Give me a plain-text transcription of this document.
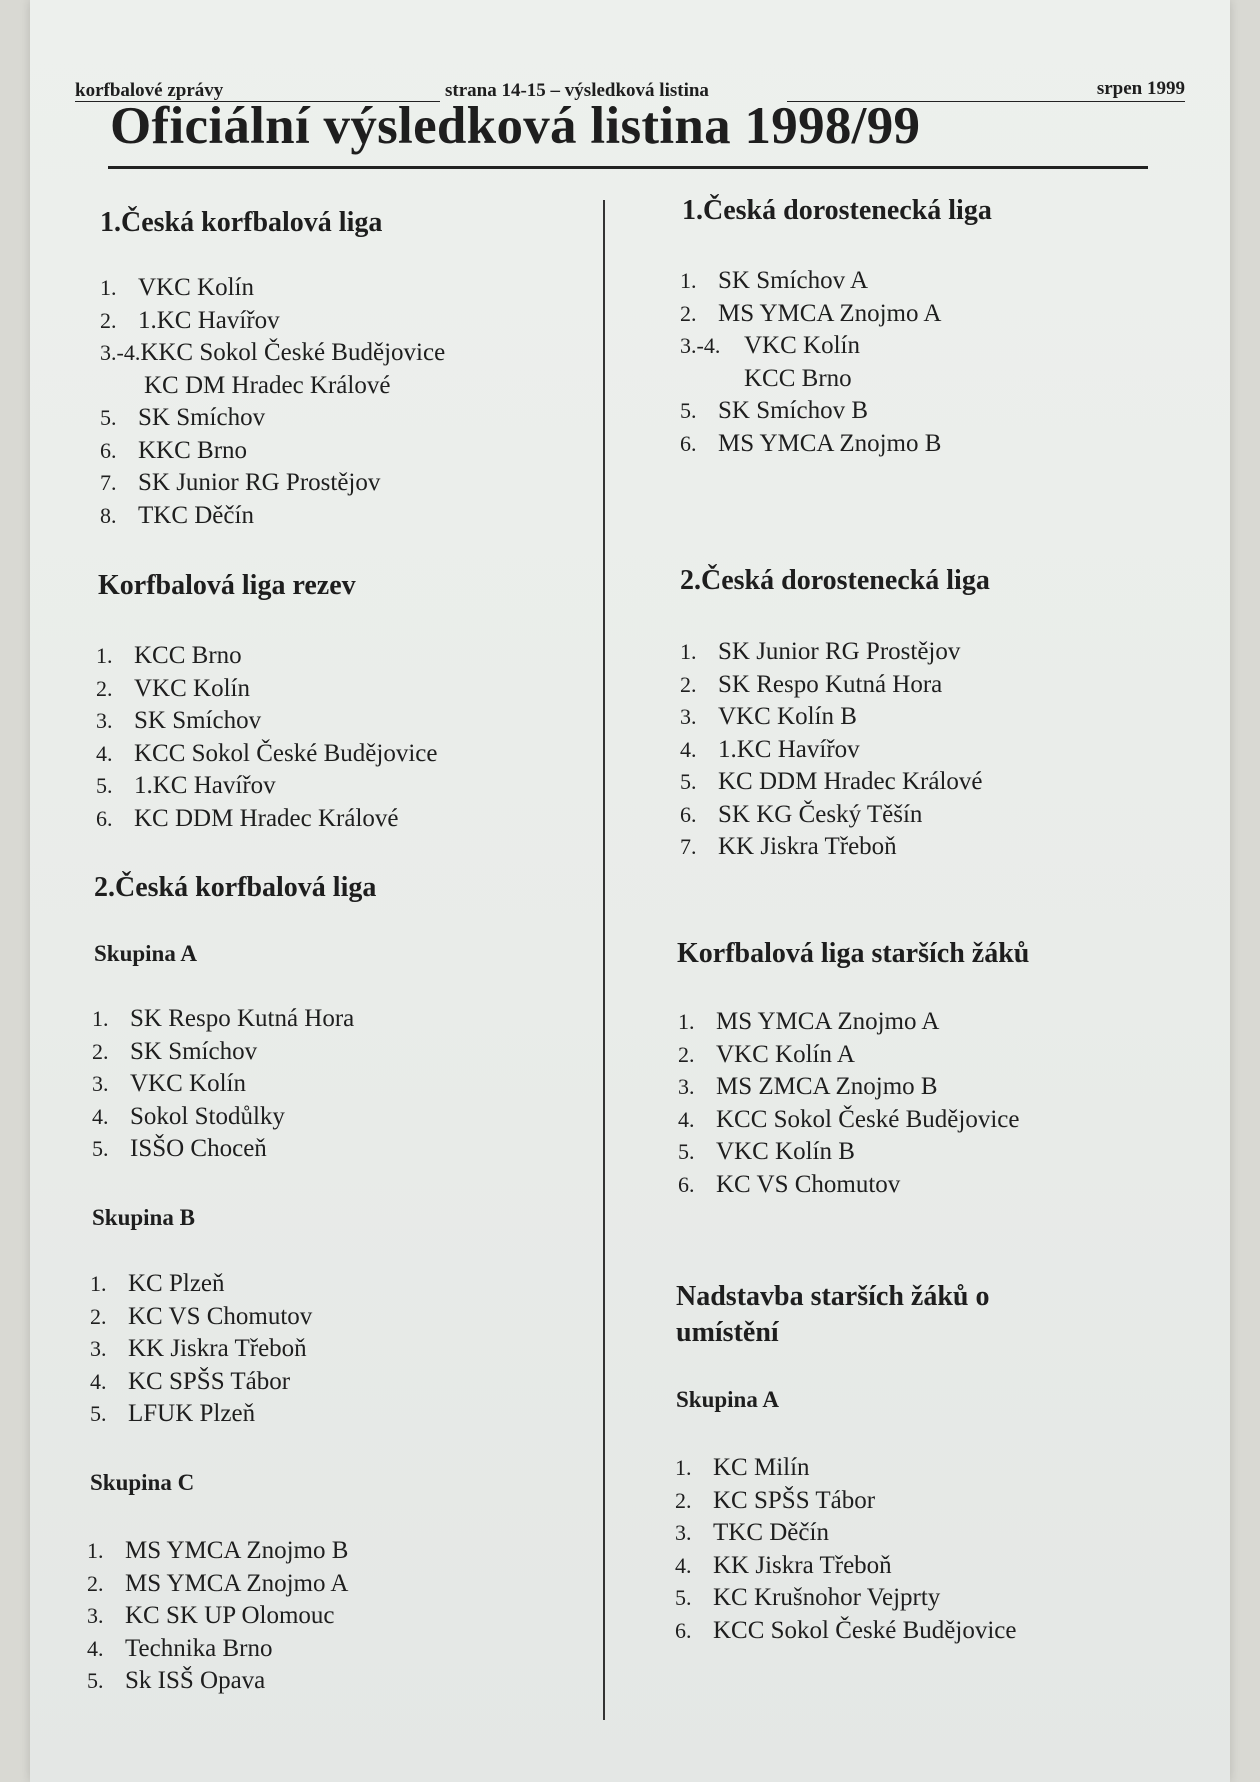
korfbalové zprávy	strana 14-15 – výsledková listina	srpen 1999
Oficiální výsledková listina 1998/99
1.Česká korfbalová liga
1. VKC Kolín
2. 1.KC Havířov
3.-4.KKC Sokol České Budějovice
KC DM Hradec Králové
5. SK Smíchov
6. KKC Brno
7. SK Junior RG Prostějov
8. TKC Děčín
Korfbalová liga rezev
1. KCC Brno
2. VKC Kolín
3. SK Smíchov
4. KCC Sokol České Budějovice
5. 1.KC Havířov
6. KC DDM Hradec Králové
2.Česká korfbalová liga
Skupina A
1. SK Respo Kutná Hora
2. SK Smíchov
3. VKC Kolín
4. Sokol Stodůlky
5. ISŠO Choceň
Skupina B
1. KC Plzeň
2. KC VS Chomutov
3. KK Jiskra Třeboň
4. KC SPŠS Tábor
5. LFUK Plzeň
Skupina C
1. MS YMCA Znojmo B
2. MS YMCA Znojmo A
3. KC SK UP Olomouc
4. Technika Brno
5. Sk ISŠ Opava
1.Česká dorostenecká liga
1. SK Smíchov A
2. MS YMCA Znojmo A
3.-4. VKC Kolín
KCC Brno
5. SK Smíchov B
6. MS YMCA Znojmo B
2.Česká dorostenecká liga
1. SK Junior RG Prostějov
2. SK Respo Kutná Hora
3. VKC Kolín B
4. 1.KC Havířov
5. KC DDM Hradec Králové
6. SK KG Český Těšín
7. KK Jiskra Třeboň
Korfbalová liga starších žáků
1. MS YMCA Znojmo A
2. VKC Kolín A
3. MS ZMCA Znojmo B
4. KCC Sokol České Budějovice
5. VKC Kolín B
6. KC VS Chomutov
Nadstavba starších žáků o
umístění
Skupina A
1. KC Milín
2. KC SPŠS Tábor
3. TKC Děčín
4. KK Jiskra Třeboň
5. KC Krušnohor Vejprty
6. KCC Sokol České Budějovice
